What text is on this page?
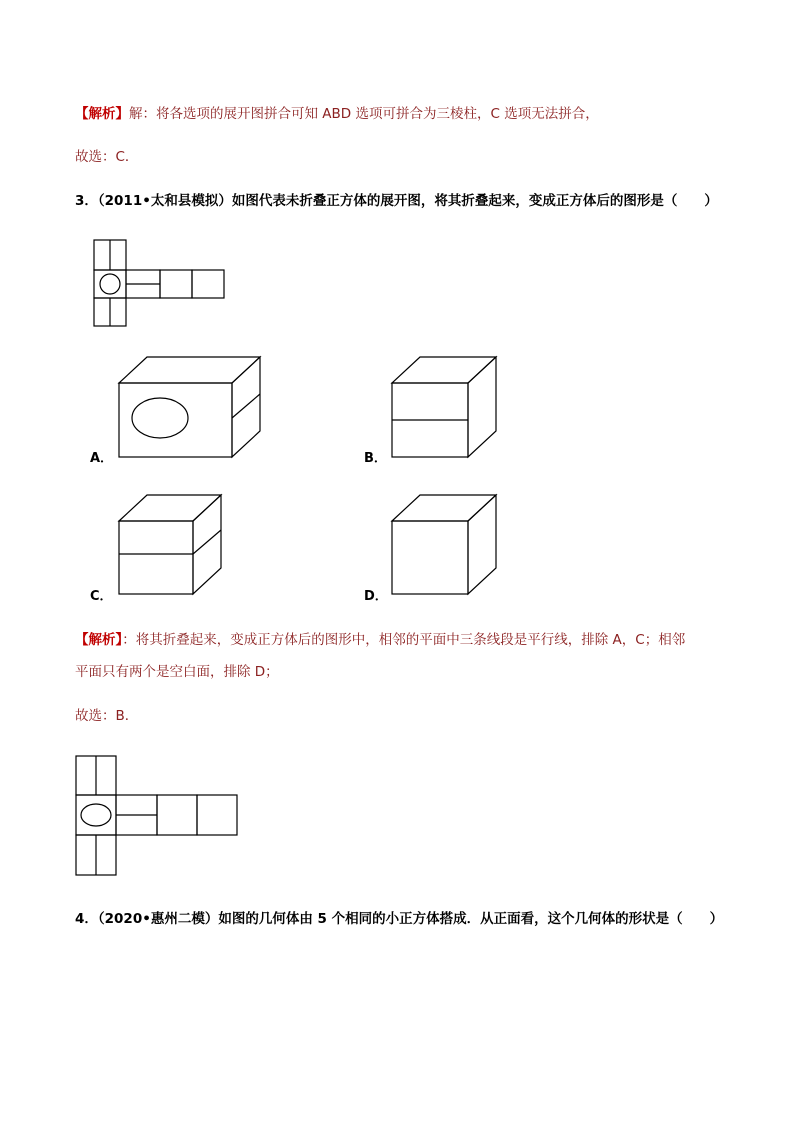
【解析】解：将各选项的展开图拼合可知 ABD 选项可拼合为三棱柱，C 选项无法拼合，
故选：C．
3．（2011•太和县模拟）如图代表未折叠正方体的展开图，将其折叠起来，变成正方体后的图形是（　　）
A．	B．
C．	D．
【解析】：将其折叠起来，变成正方体后的图形中，相邻的平面中三条线段是平行线，排除 A，C；相邻
平面只有两个是空白面，排除 D；
故选：B．
4．（2020•惠州二模）如图的几何体由 5 个相同的小正方体搭成．从正面看，这个几何体的形状是（　　）
